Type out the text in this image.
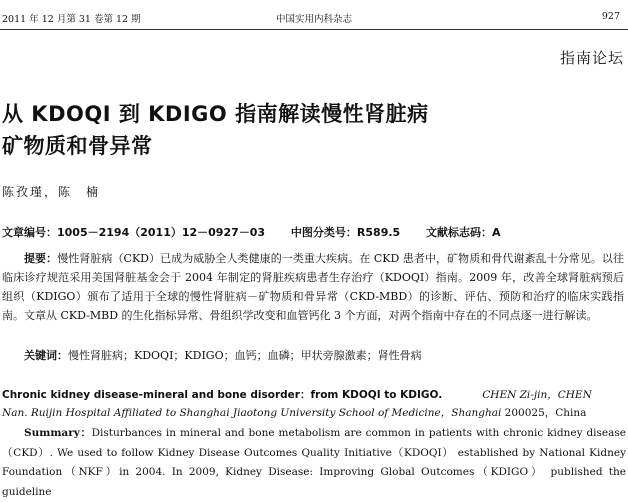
2011 年 12 月第 31 卷第 12 期	中国实用内科杂志	927
指南论坛
从 KDOQI 到 KDIGO 指南解读慢性肾脏病
矿物质和骨异常
陈孜瑾，陈　楠
文章编号：1005－2194（2011）12－0927－03 中图分类号：R589.5 文献标志码：A
提要：慢性肾脏病（CKD）已成为威胁全人类健康的一类重大疾病。在 CKD 患者中，矿物质和骨代谢紊乱十分常见。以往临床诊疗规范采用美国肾脏基金会于 2004 年制定的肾脏疾病患者生存治疗（KDOQI）指南。2009 年，改善全球肾脏病预后组织（KDIGO）颁布了适用于全球的慢性肾脏病－矿物质和骨异常（CKD-MBD）的诊断、评估、预防和治疗的临床实践指南。文章从 CKD-MBD 的生化指标异常、骨组织学改变和血管钙化 3 个方面，对两个指南中存在的不同点逐一进行解读。
关键词：慢性肾脏病；KDOQI；KDIGO；血钙；血磷；甲状旁腺激素；肾性骨病
Chronic kidney disease-mineral and bone disorder：from KDOQI to KDIGO.	CHEN Zi-jin，CHEN
Nan. Ruijin Hospital Affiliated to Shanghai Jiaotong University School of Medicine，Shanghai 200025，China
Summary：Disturbances in mineral and bone metabolism are common in patients with chronic kidney disease（CKD）. We used to follow Kidney Disease Outcomes Quality Initiative（KDOQI） established by National Kidney Foundation（NKF）in 2004. In 2009, Kidney Disease: Improving Global Outcomes（KDIGO） published the guideline
